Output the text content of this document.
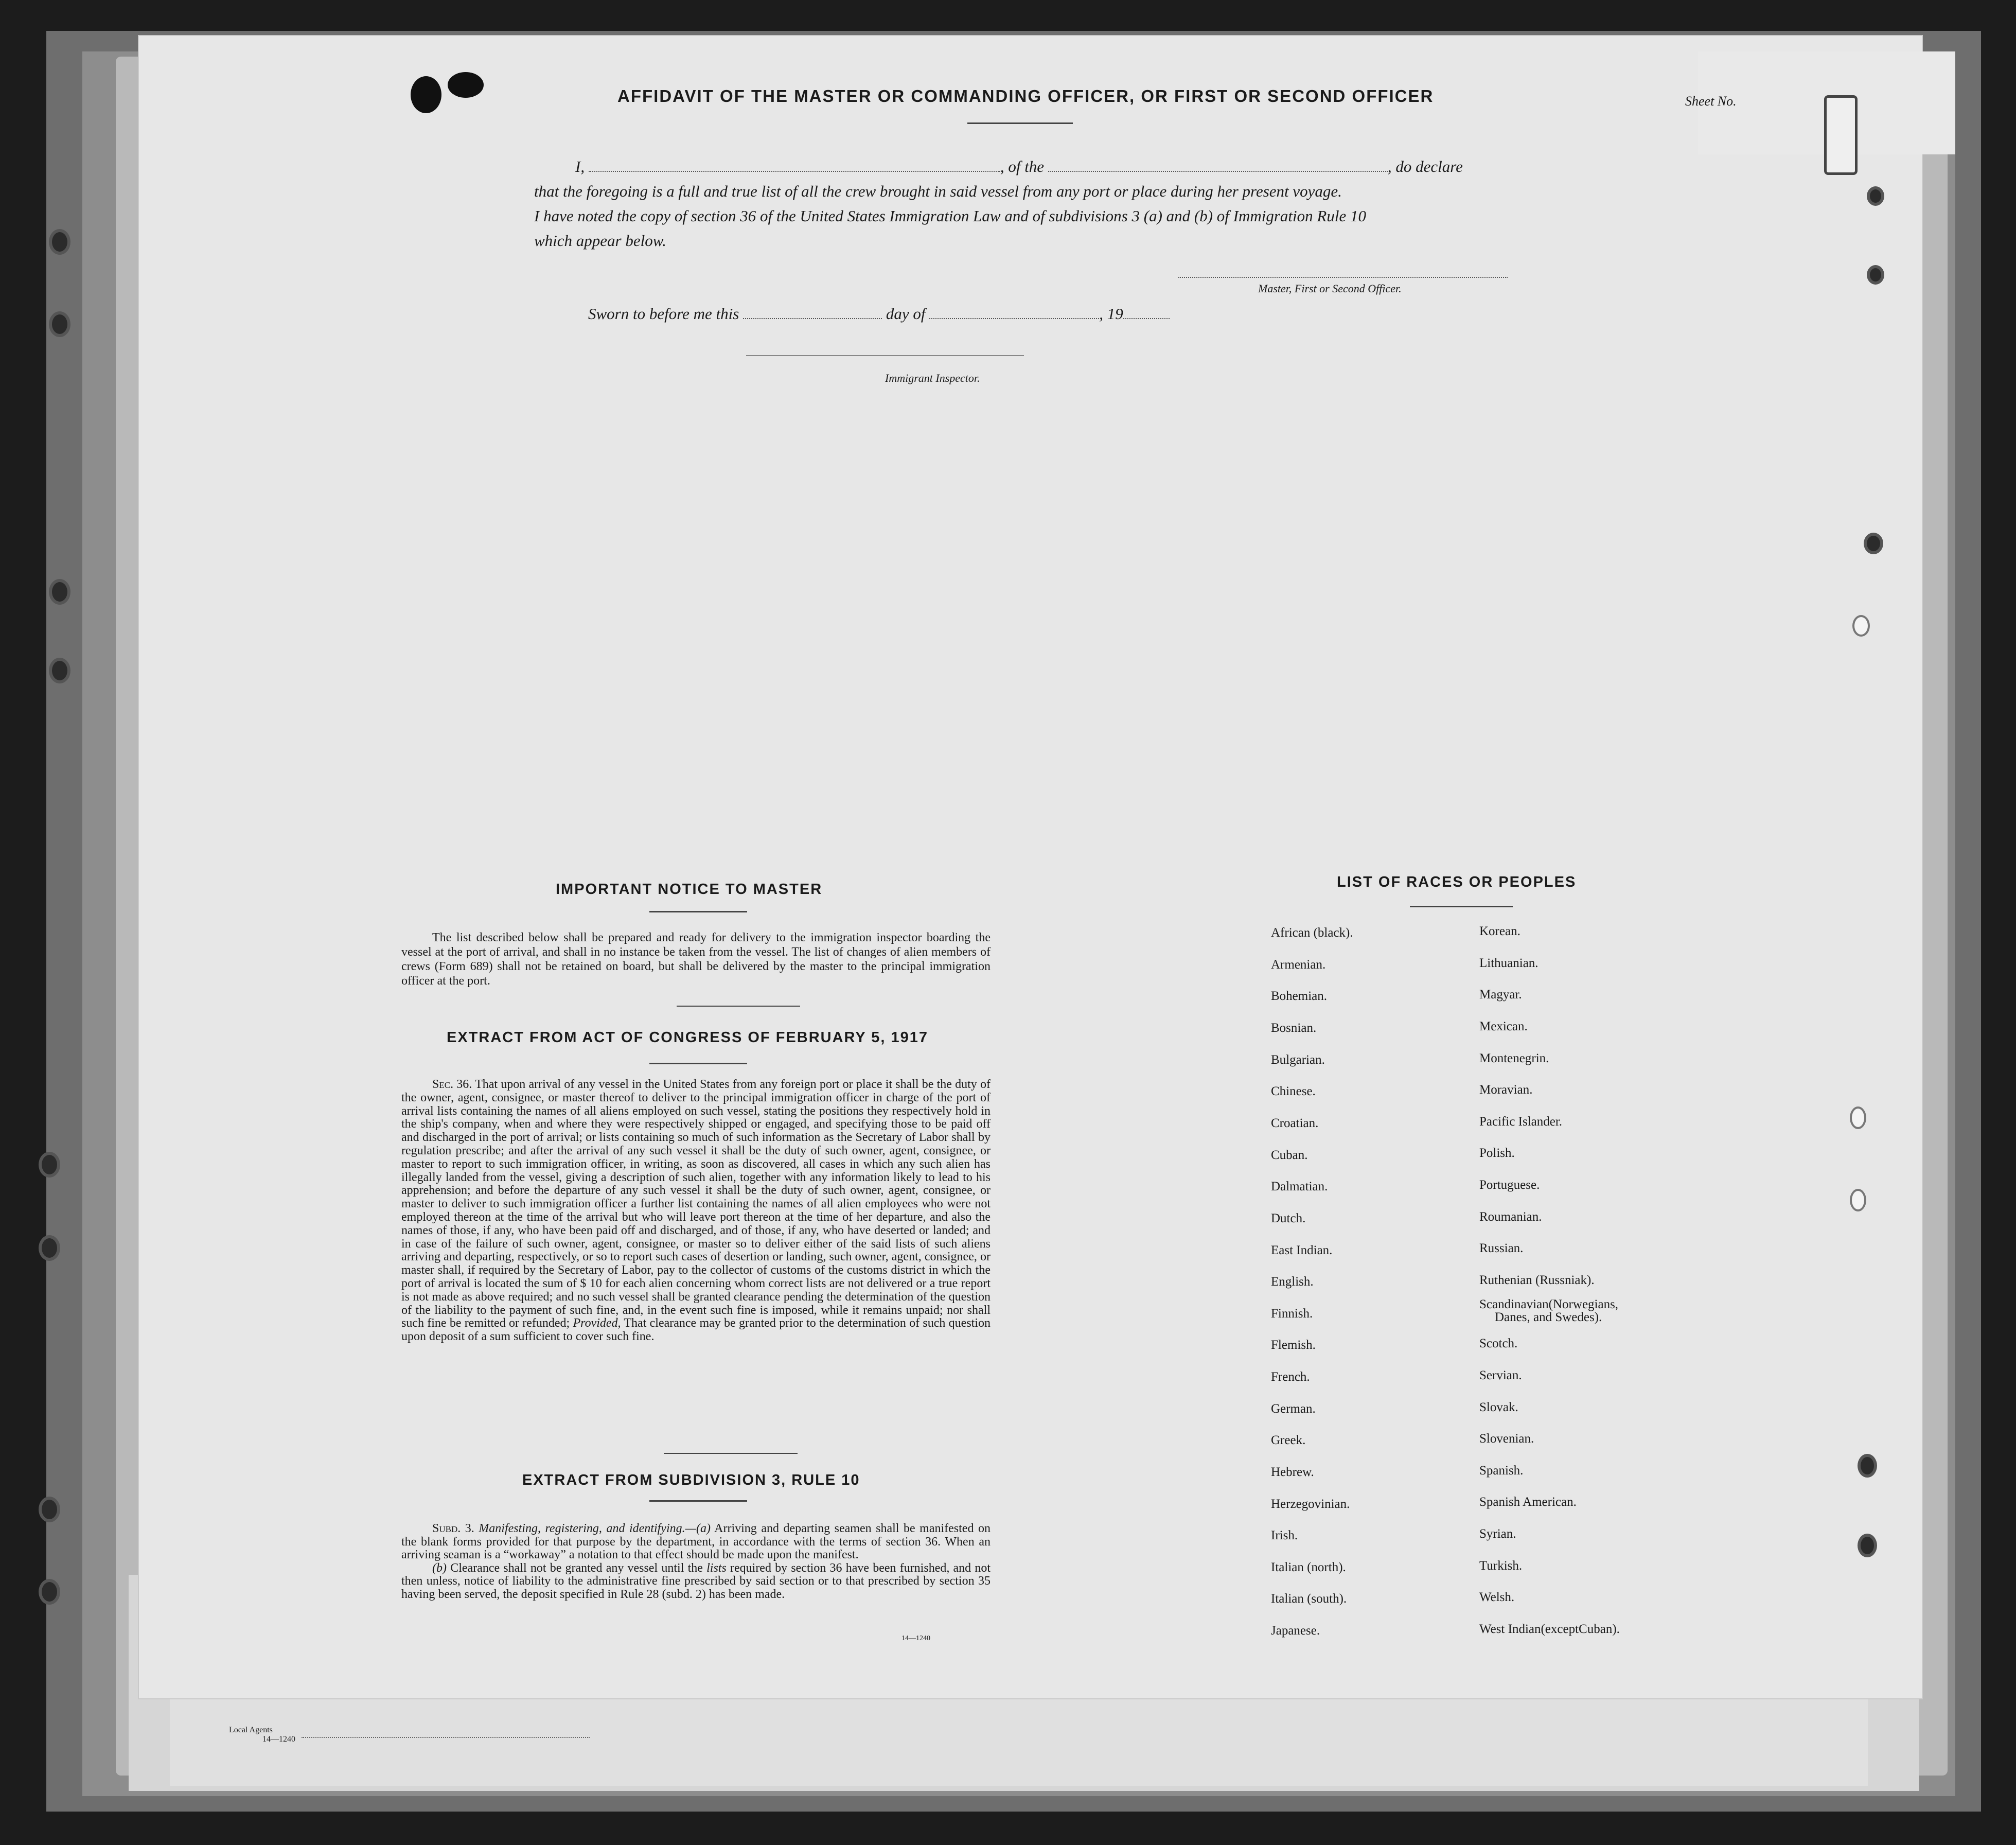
AFFIDAVIT OF THE MASTER OR COMMANDING OFFICER, OR FIRST OR SECOND OFFICER	Sheet No.
I,	, of the	, do declare
that the foregoing is a full and true list of all the crew brought in said vessel from any port or place during her present voyage.
I have noted the copy of section 36 of the United States Immigration Law and of subdivisions 3 (a) and (b) of Immigration Rule 10
which appear below.
Master, First or Second Officer.
Sworn to before me this	day of	, 19
Immigrant Inspector.
IMPORTANT NOTICE TO MASTER
The list described below shall be prepared and ready for delivery to the immigration inspector boarding the vessel at the port of arrival, and shall in no instance be taken from the vessel. The list of changes of alien members of crews (Form 689) shall not be retained on board, but shall be delivered by the master to the principal immigration officer at the port.
EXTRACT FROM ACT OF CONGRESS OF FEBRUARY 5, 1917
Sec. 36. That upon arrival of any vessel in the United States from any foreign port or place it shall be the duty of the owner, agent, consignee, or master thereof to deliver to the principal immigration officer in charge of the port of arrival lists containing the names of all aliens employed on such vessel, stating the positions they respectively hold in the ship's company, when and where they were respectively shipped or engaged, and specifying those to be paid off and discharged in the port of arrival; or lists containing so much of such information as the Secretary of Labor shall by regulation prescribe; and after the arrival of any such vessel it shall be the duty of such owner, agent, consignee, or master to report to such immigration officer, in writing, as soon as discovered, all cases in which any such alien has illegally landed from the vessel, giving a description of such alien, together with any information likely to lead to his apprehension; and before the departure of any such vessel it shall be the duty of such owner, agent, consignee, or master to deliver to such immigration officer a further list containing the names of all alien employees who were not employed thereon at the time of the arrival but who will leave port thereon at the time of her departure, and also the names of those, if any, who have been paid off and discharged, and of those, if any, who have deserted or landed; and in case of the failure of such owner, agent, consignee, or master so to deliver either of the said lists of such aliens arriving and departing, respectively, or so to report such cases of desertion or landing, such owner, agent, consignee, or master shall, if required by the Secretary of Labor, pay to the collector of customs of the customs district in which the port of arrival is located the sum of $ 10 for each alien concerning whom correct lists are not delivered or a true report is not made as above required; and no such vessel shall be granted clearance pending the determination of the question of the liability to the payment of such fine, and, in the event such fine is imposed, while it remains unpaid; nor shall such fine be remitted or refunded; Provided, That clearance may be granted prior to the determination of such question upon deposit of a sum sufficient to cover such fine.
EXTRACT FROM SUBDIVISION 3, RULE 10

Subd. 3. Manifesting, registering, and identifying.—(a) Arriving and departing seamen shall be manifested on the blank forms provided for that purpose by the department, in accordance with the terms of section 36. When an arriving seaman is a “workaway” a notation to that effect should be made upon the manifest.

(b) Clearance shall not be granted any vessel until the lists required by section 36 have been furnished, and not then unless, notice of liability to the administrative fine prescribed by said section or to that prescribed by section 35 having been served, the deposit specified in Rule 28 (subd. 2) has been made.

14—1240
LIST OF RACES OR PEOPLES
African (black).
Armenian.
Bohemian.
Bosnian.
Bulgarian.
Chinese.
Croatian.
Cuban.
Dalmatian.
Dutch.
East Indian.
English.
Finnish.
Flemish.
French.
German.
Greek.
Hebrew.
Herzegovinian.
Irish.
Italian (north).
Italian (south).
Japanese.
Korean.
Lithuanian.
Magyar.
Mexican.
Montenegrin.
Moravian.
Pacific Islander.
Polish.
Portuguese.
Roumanian.
Russian.
Ruthenian (Russniak).
Scandinavian(Norwegians,
Danes, and Swedes).
Scotch.
Servian.
Slovak.
Slovenian.
Spanish.
Spanish American.
Syrian.
Turkish.
Welsh.
West Indian(exceptCuban).
Local Agents
14—1240
